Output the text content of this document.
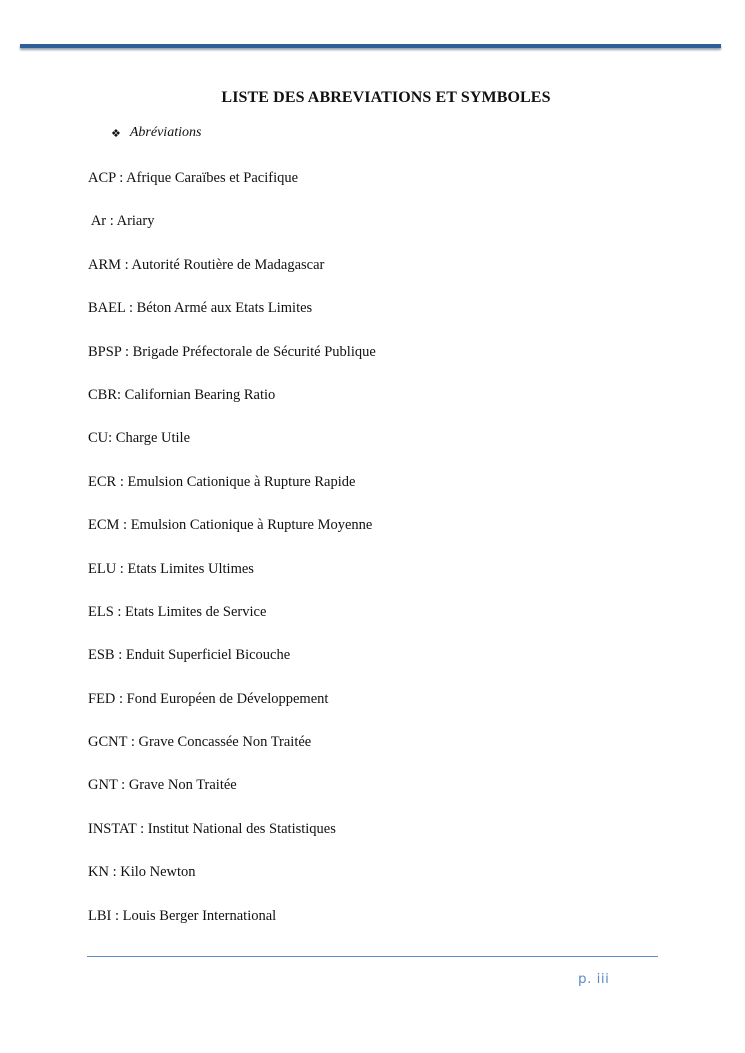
LISTE DES ABREVIATIONS ET SYMBOLES
❖ Abréviations
ACP : Afrique Caraïbes et Pacifique
Ar : Ariary
ARM : Autorité Routière de Madagascar
BAEL : Béton Armé aux Etats Limites
BPSP : Brigade Préfectorale de Sécurité Publique
CBR: Californian Bearing Ratio
CU: Charge Utile
ECR : Emulsion Cationique à Rupture Rapide
ECM : Emulsion Cationique à Rupture Moyenne
ELU : Etats Limites Ultimes
ELS : Etats Limites de Service
ESB : Enduit Superficiel Bicouche
FED : Fond Européen de Développement
GCNT : Grave Concassée Non Traitée
GNT : Grave Non Traitée
INSTAT : Institut National des Statistiques
KN : Kilo Newton
LBI : Louis Berger International
p. iii
